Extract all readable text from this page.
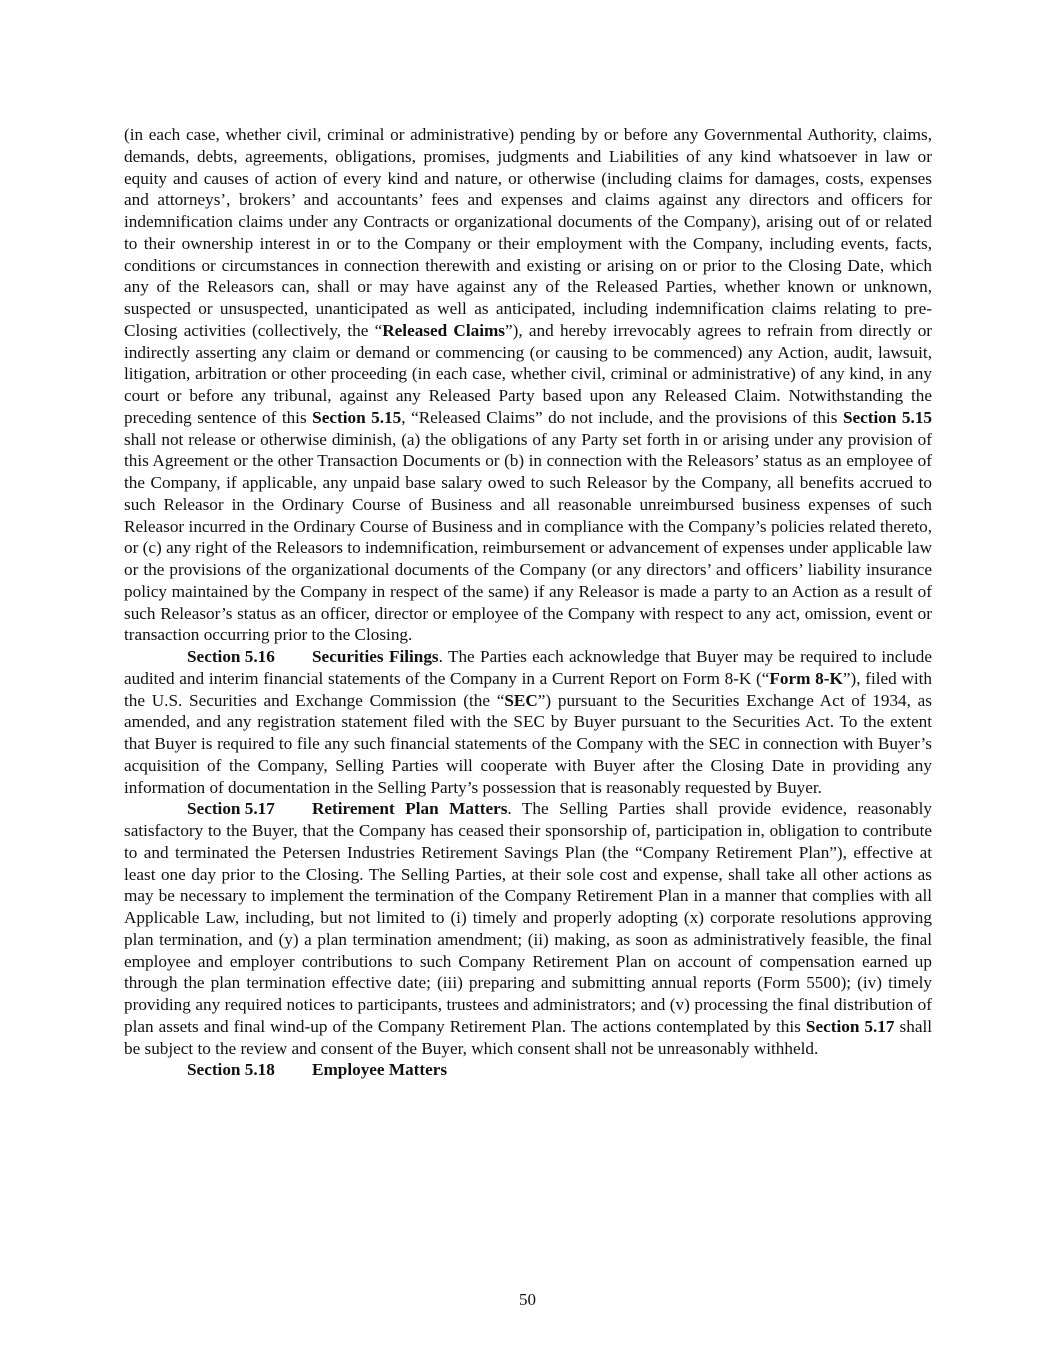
(in each case, whether civil, criminal or administrative) pending by or before any Governmental Authority, claims, demands, debts, agreements, obligations, promises, judgments and Liabilities of any kind whatsoever in law or equity and causes of action of every kind and nature, or otherwise (including claims for damages, costs, expenses and attorneys’, brokers’ and accountants’ fees and expenses and claims against any directors and officers for indemnification claims under any Contracts or organizational documents of the Company), arising out of or related to their ownership interest in or to the Company or their employment with the Company, including events, facts, conditions or circumstances in connection therewith and existing or arising on or prior to the Closing Date, which any of the Releasors can, shall or may have against any of the Released Parties, whether known or unknown, suspected or unsuspected, unanticipated as well as anticipated, including indemnification claims relating to pre-Closing activities (collectively, the “Released Claims”), and hereby irrevocably agrees to refrain from directly or indirectly asserting any claim or demand or commencing (or causing to be commenced) any Action, audit, lawsuit, litigation, arbitration or other proceeding (in each case, whether civil, criminal or administrative) of any kind, in any court or before any tribunal, against any Released Party based upon any Released Claim. Notwithstanding the preceding sentence of this Section 5.15, “Released Claims” do not include, and the provisions of this Section 5.15 shall not release or otherwise diminish, (a) the obligations of any Party set forth in or arising under any provision of this Agreement or the other Transaction Documents or (b) in connection with the Releasors’ status as an employee of the Company, if applicable, any unpaid base salary owed to such Releasor by the Company, all benefits accrued to such Releasor in the Ordinary Course of Business and all reasonable unreimbursed business expenses of such Releasor incurred in the Ordinary Course of Business and in compliance with the Company’s policies related thereto, or (c) any right of the Releasors to indemnification, reimbursement or advancement of expenses under applicable law or the provisions of the organizational documents of the Company (or any directors’ and officers’ liability insurance policy maintained by the Company in respect of the same) if any Releasor is made a party to an Action as a result of such Releasor’s status as an officer, director or employee of the Company with respect to any act, omission, event or transaction occurring prior to the Closing.

Section 5.16 Securities Filings. The Parties each acknowledge that Buyer may be required to include audited and interim financial statements of the Company in a Current Report on Form 8-K (“Form 8-K”), filed with the U.S. Securities and Exchange Commission (the “SEC”) pursuant to the Securities Exchange Act of 1934, as amended, and any registration statement filed with the SEC by Buyer pursuant to the Securities Act. To the extent that Buyer is required to file any such financial statements of the Company with the SEC in connection with Buyer’s acquisition of the Company, Selling Parties will cooperate with Buyer after the Closing Date in providing any information of documentation in the Selling Party’s possession that is reasonably requested by Buyer.

Section 5.17 Retirement Plan Matters. The Selling Parties shall provide evidence, reasonably satisfactory to the Buyer, that the Company has ceased their sponsorship of, participation in, obligation to contribute to and terminated the Petersen Industries Retirement Savings Plan (the “Company Retirement Plan”), effective at least one day prior to the Closing. The Selling Parties, at their sole cost and expense, shall take all other actions as may be necessary to implement the termination of the Company Retirement Plan in a manner that complies with all Applicable Law, including, but not limited to (i) timely and properly adopting (x) corporate resolutions approving plan termination, and (y) a plan termination amendment; (ii) making, as soon as administratively feasible, the final employee and employer contributions to such Company Retirement Plan on account of compensation earned up through the plan termination effective date; (iii) preparing and submitting annual reports (Form 5500); (iv) timely providing any required notices to participants, trustees and administrators; and (v) processing the final distribution of plan assets and final wind-up of the Company Retirement Plan. The actions contemplated by this Section 5.17 shall be subject to the review and consent of the Buyer, which consent shall not be unreasonably withheld.

Section 5.18 Employee Matters

50
